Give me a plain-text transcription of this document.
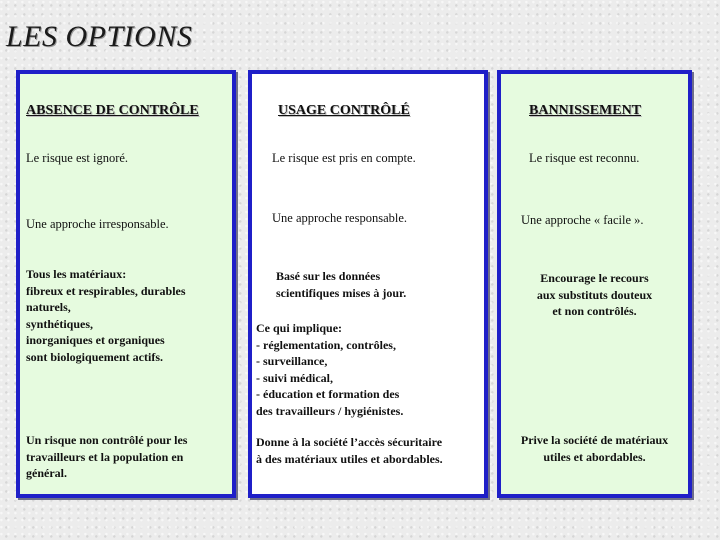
LES OPTIONS
ABSENCE DE CONTRÔLE
Le risque est ignoré.
Une approche irresponsable.
Tous les matériaux:
fibreux et respirables, durables
naturels,
synthétiques,
inorganiques et organiques
sont biologiquement actifs.
Un risque non contrôlé pour les
travailleurs et la population en
général.
USAGE CONTRÔLÉ
Le risque est pris en compte.
Une approche responsable.
Basé sur les données
scientifiques mises à jour.
Ce qui implique:
- réglementation, contrôles,
- surveillance,
- suivi médical,
- éducation et formation des
des travailleurs / hygiénistes.
Donne à la société l’accès sécuritaire
à des matériaux utiles et abordables.
BANNISSEMENT
Le risque est reconnu.
Une approche « facile ».
Encourage le recours
aux substituts douteux
et non contrôlés.
Prive la société de matériaux
utiles et abordables.
